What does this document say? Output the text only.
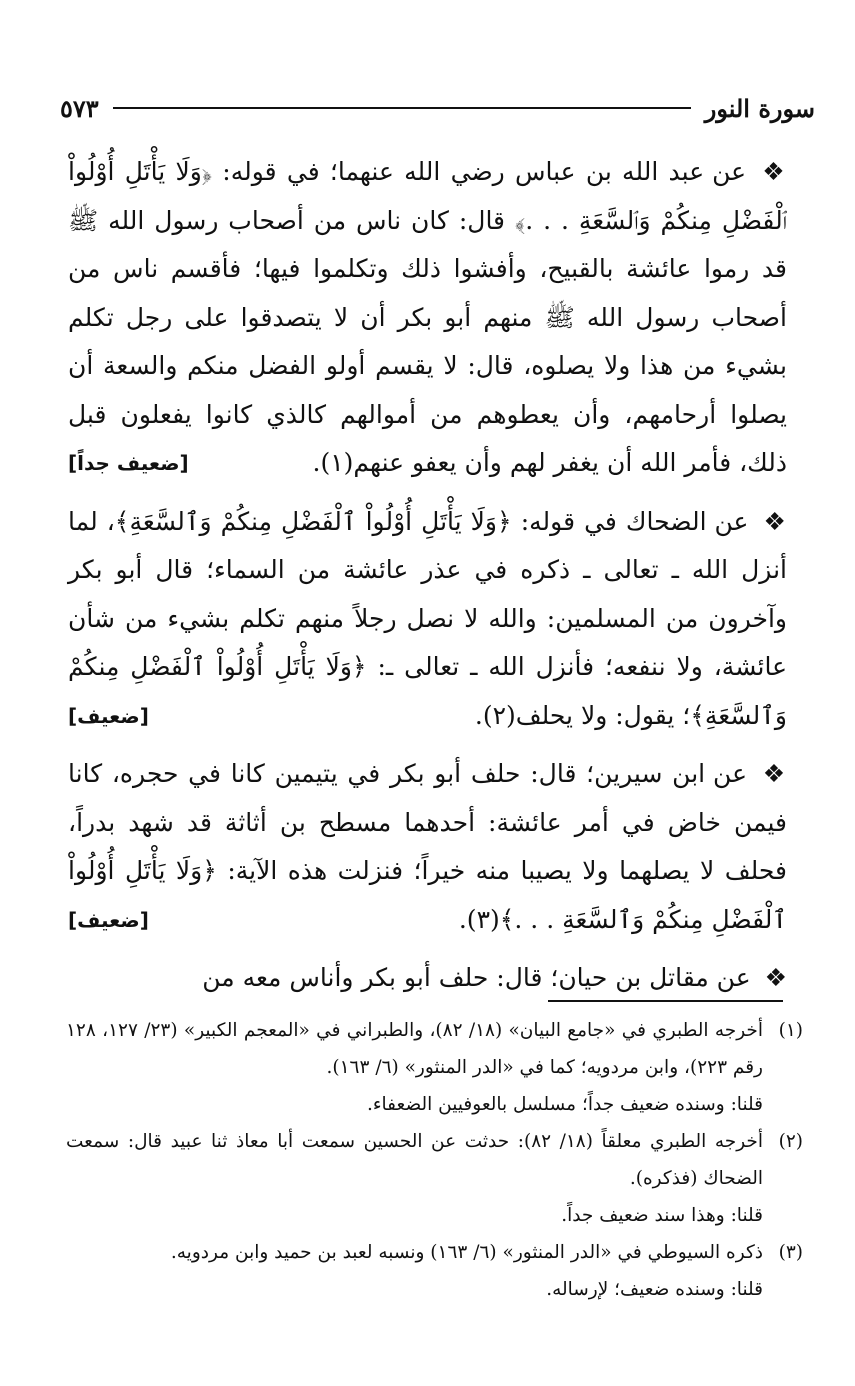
سورة النور
٥٧٣

❖ عن عبد الله بن عباس رضي الله عنهما؛ في قوله: ﴿وَلَا يَأْتَلِ أُوْلُواْ ٱلْفَضْلِ مِنكُمْ وَٱلسَّعَةِ . . .﴾ قال: كان ناس من أصحاب رسول الله ﷺ قد رموا عائشة بالقبيح، وأفشوا ذلك وتكلموا فيها؛ فأقسم ناس من أصحاب رسول الله ﷺ منهم أبو بكر أن لا يتصدقوا على رجل تكلم بشيء من هذا ولا يصلوه، قال: لا يقسم أولو الفضل منكم والسعة أن يصلوا أرحامهم، وأن يعطوهم من أموالهم كالذي كانوا يفعلون قبل ذلك، فأمر الله أن يغفر لهم وأن يعفو عنهم(١).
[ضعيف جداً]

❖ عن الضحاك في قوله: ﴿وَلَا يَأْتَلِ أُوْلُواْ ٱلْفَضْلِ مِنكُمْ وَٱلسَّعَةِ﴾، لما أنزل الله ـ تعالى ـ ذكره في عذر عائشة من السماء؛ قال أبو بكر وآخرون من المسلمين: والله لا نصل رجلاً منهم تكلم بشيء من شأن عائشة، ولا ننفعه؛ فأنزل الله ـ تعالى ـ: ﴿وَلَا يَأْتَلِ أُوْلُواْ ٱلْفَضْلِ مِنكُمْ وَٱلسَّعَةِ﴾؛ يقول: ولا يحلف(٢).
[ضعيف]

❖ عن ابن سيرين؛ قال: حلف أبو بكر في يتيمين كانا في حجره، كانا فيمن خاض في أمر عائشة: أحدهما مسطح بن أثاثة قد شهد بدراً، فحلف لا يصلهما ولا يصيبا منه خيراً؛ فنزلت هذه الآية: ﴿وَلَا يَأْتَلِ أُوْلُواْ ٱلْفَضْلِ مِنكُمْ وَٱلسَّعَةِ . . .﴾(٣).
[ضعيف]

❖ عن مقاتل بن حيان؛ قال: حلف أبو بكر وأناس معه من

(١)
أخرجه الطبري في «جامع البيان» (١٨/ ٨٢)، والطبراني في «المعجم الكبير» (٢٣/ ١٢٧، ١٢٨ رقم ٢٢٣)، وابن مردويه؛ كما في «الدر المنثور» (٦/ ١٦٣).
قلنا: وسنده ضعيف جداً؛ مسلسل بالعوفيين الضعفاء.
(٢)
أخرجه الطبري معلقاً (١٨/ ٨٢): حدثت عن الحسين سمعت أبا معاذ ثنا عبيد قال: سمعت الضحاك (فذكره).
قلنا: وهذا سند ضعيف جداً.
(٣)
ذكره السيوطي في «الدر المنثور» (٦/ ١٦٣) ونسبه لعبد بن حميد وابن مردويه.
قلنا: وسنده ضعيف؛ لإرساله.
